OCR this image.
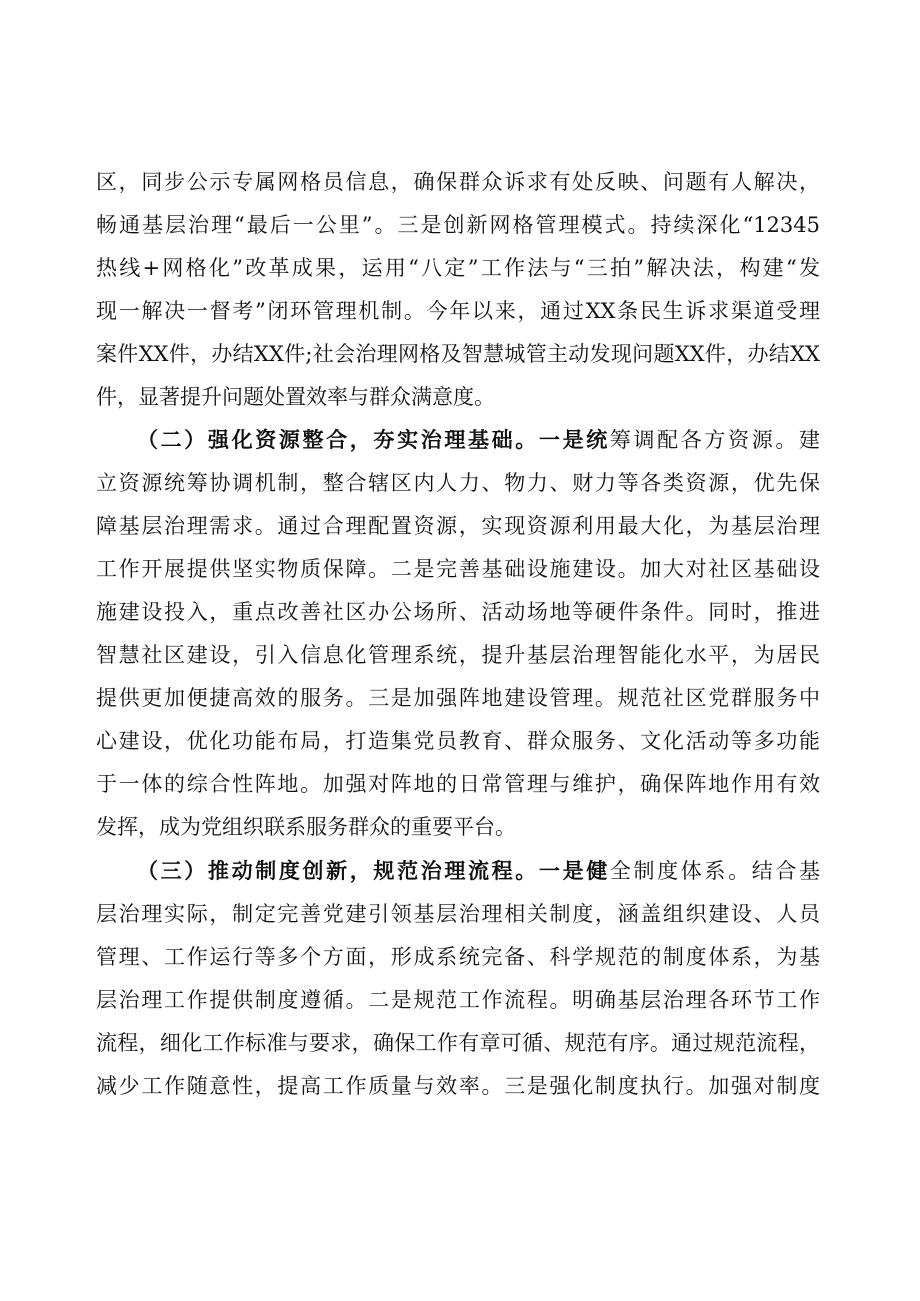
区，同步公示专属网格员信息，确保群众诉求有处反映、问题有人解决，
畅通基层治理“最后一公里”。三是创新网格管理模式。持续深化“12345
热线+网格化”改革成果，运用“八定”工作法与“三拍”解决法，构建“发
现一解决一督考”闭环管理机制。今年以来，通过XX条民生诉求渠道受理
案件XX件，办结XX件;社会治理网格及智慧城管主动发现问题XX件，办结XX
件，显著提升问题处置效率与群众满意度。
（二）强化资源整合，夯实治理基础。一是统筹调配各方资源。建
立资源统筹协调机制，整合辖区内人力、物力、财力等各类资源，优先保
障基层治理需求。通过合理配置资源，实现资源利用最大化，为基层治理
工作开展提供坚实物质保障。二是完善基础设施建设。加大对社区基础设
施建设投入，重点改善社区办公场所、活动场地等硬件条件。同时，推进
智慧社区建设，引入信息化管理系统，提升基层治理智能化水平，为居民
提供更加便捷高效的服务。三是加强阵地建设管理。规范社区党群服务中
心建设，优化功能布局，打造集党员教育、群众服务、文化活动等多功能
于一体的综合性阵地。加强对阵地的日常管理与维护，确保阵地作用有效
发挥，成为党组织联系服务群众的重要平台。
（三）推动制度创新，规范治理流程。一是健全制度体系。结合基
层治理实际，制定完善党建引领基层治理相关制度，涵盖组织建设、人员
管理、工作运行等多个方面，形成系统完备、科学规范的制度体系，为基
层治理工作提供制度遵循。二是规范工作流程。明确基层治理各环节工作
流程，细化工作标准与要求，确保工作有章可循、规范有序。通过规范流程，
减少工作随意性，提高工作质量与效率。三是强化制度执行。加强对制度
